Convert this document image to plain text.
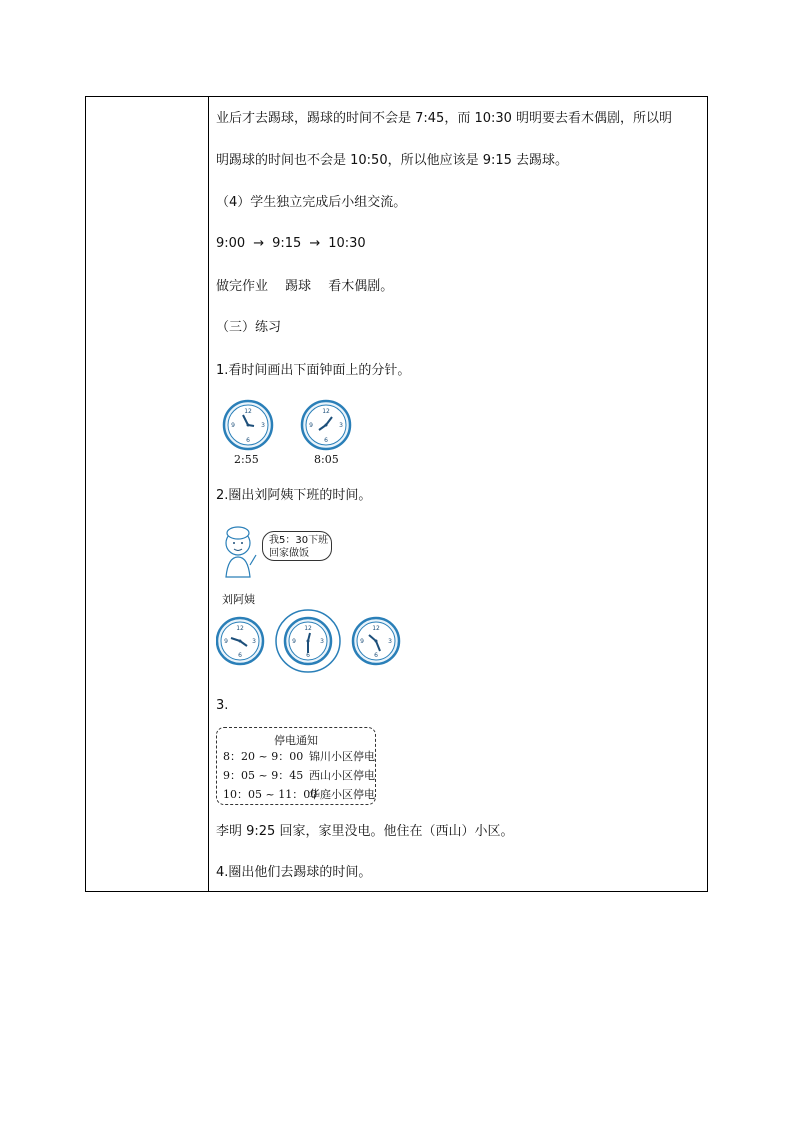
业后才去踢球，踢球的时间不会是 7:45，而 10:30 明明要去看木偶剧，所以明
明踢球的时间也不会是 10:50，所以他应该是 9:15 去踢球。
（4）学生独立完成后小组交流。
9:00 → 9:15 → 10:30
做完作业　 踢球　 看木偶剧。
（三）练习
1.看时间画出下面钟面上的分针。
12
3
6
9
12
3
6
9
2:55	8:05
2.圈出刘阿姨下班的时间。
我5：30下班
回家做饭
刘阿姨
12
3
6
9
12
3
6
9
12
3
6
9
3.
停电通知
8：20 ~ 9：00 锦川小区停电
9：05 ~ 9：45 西山小区停电
10：05 ~ 11：00
华庭小区停电
李明 9:25 回家，家里没电。他住在（西山）小区。
4.圈出他们去踢球的时间。
